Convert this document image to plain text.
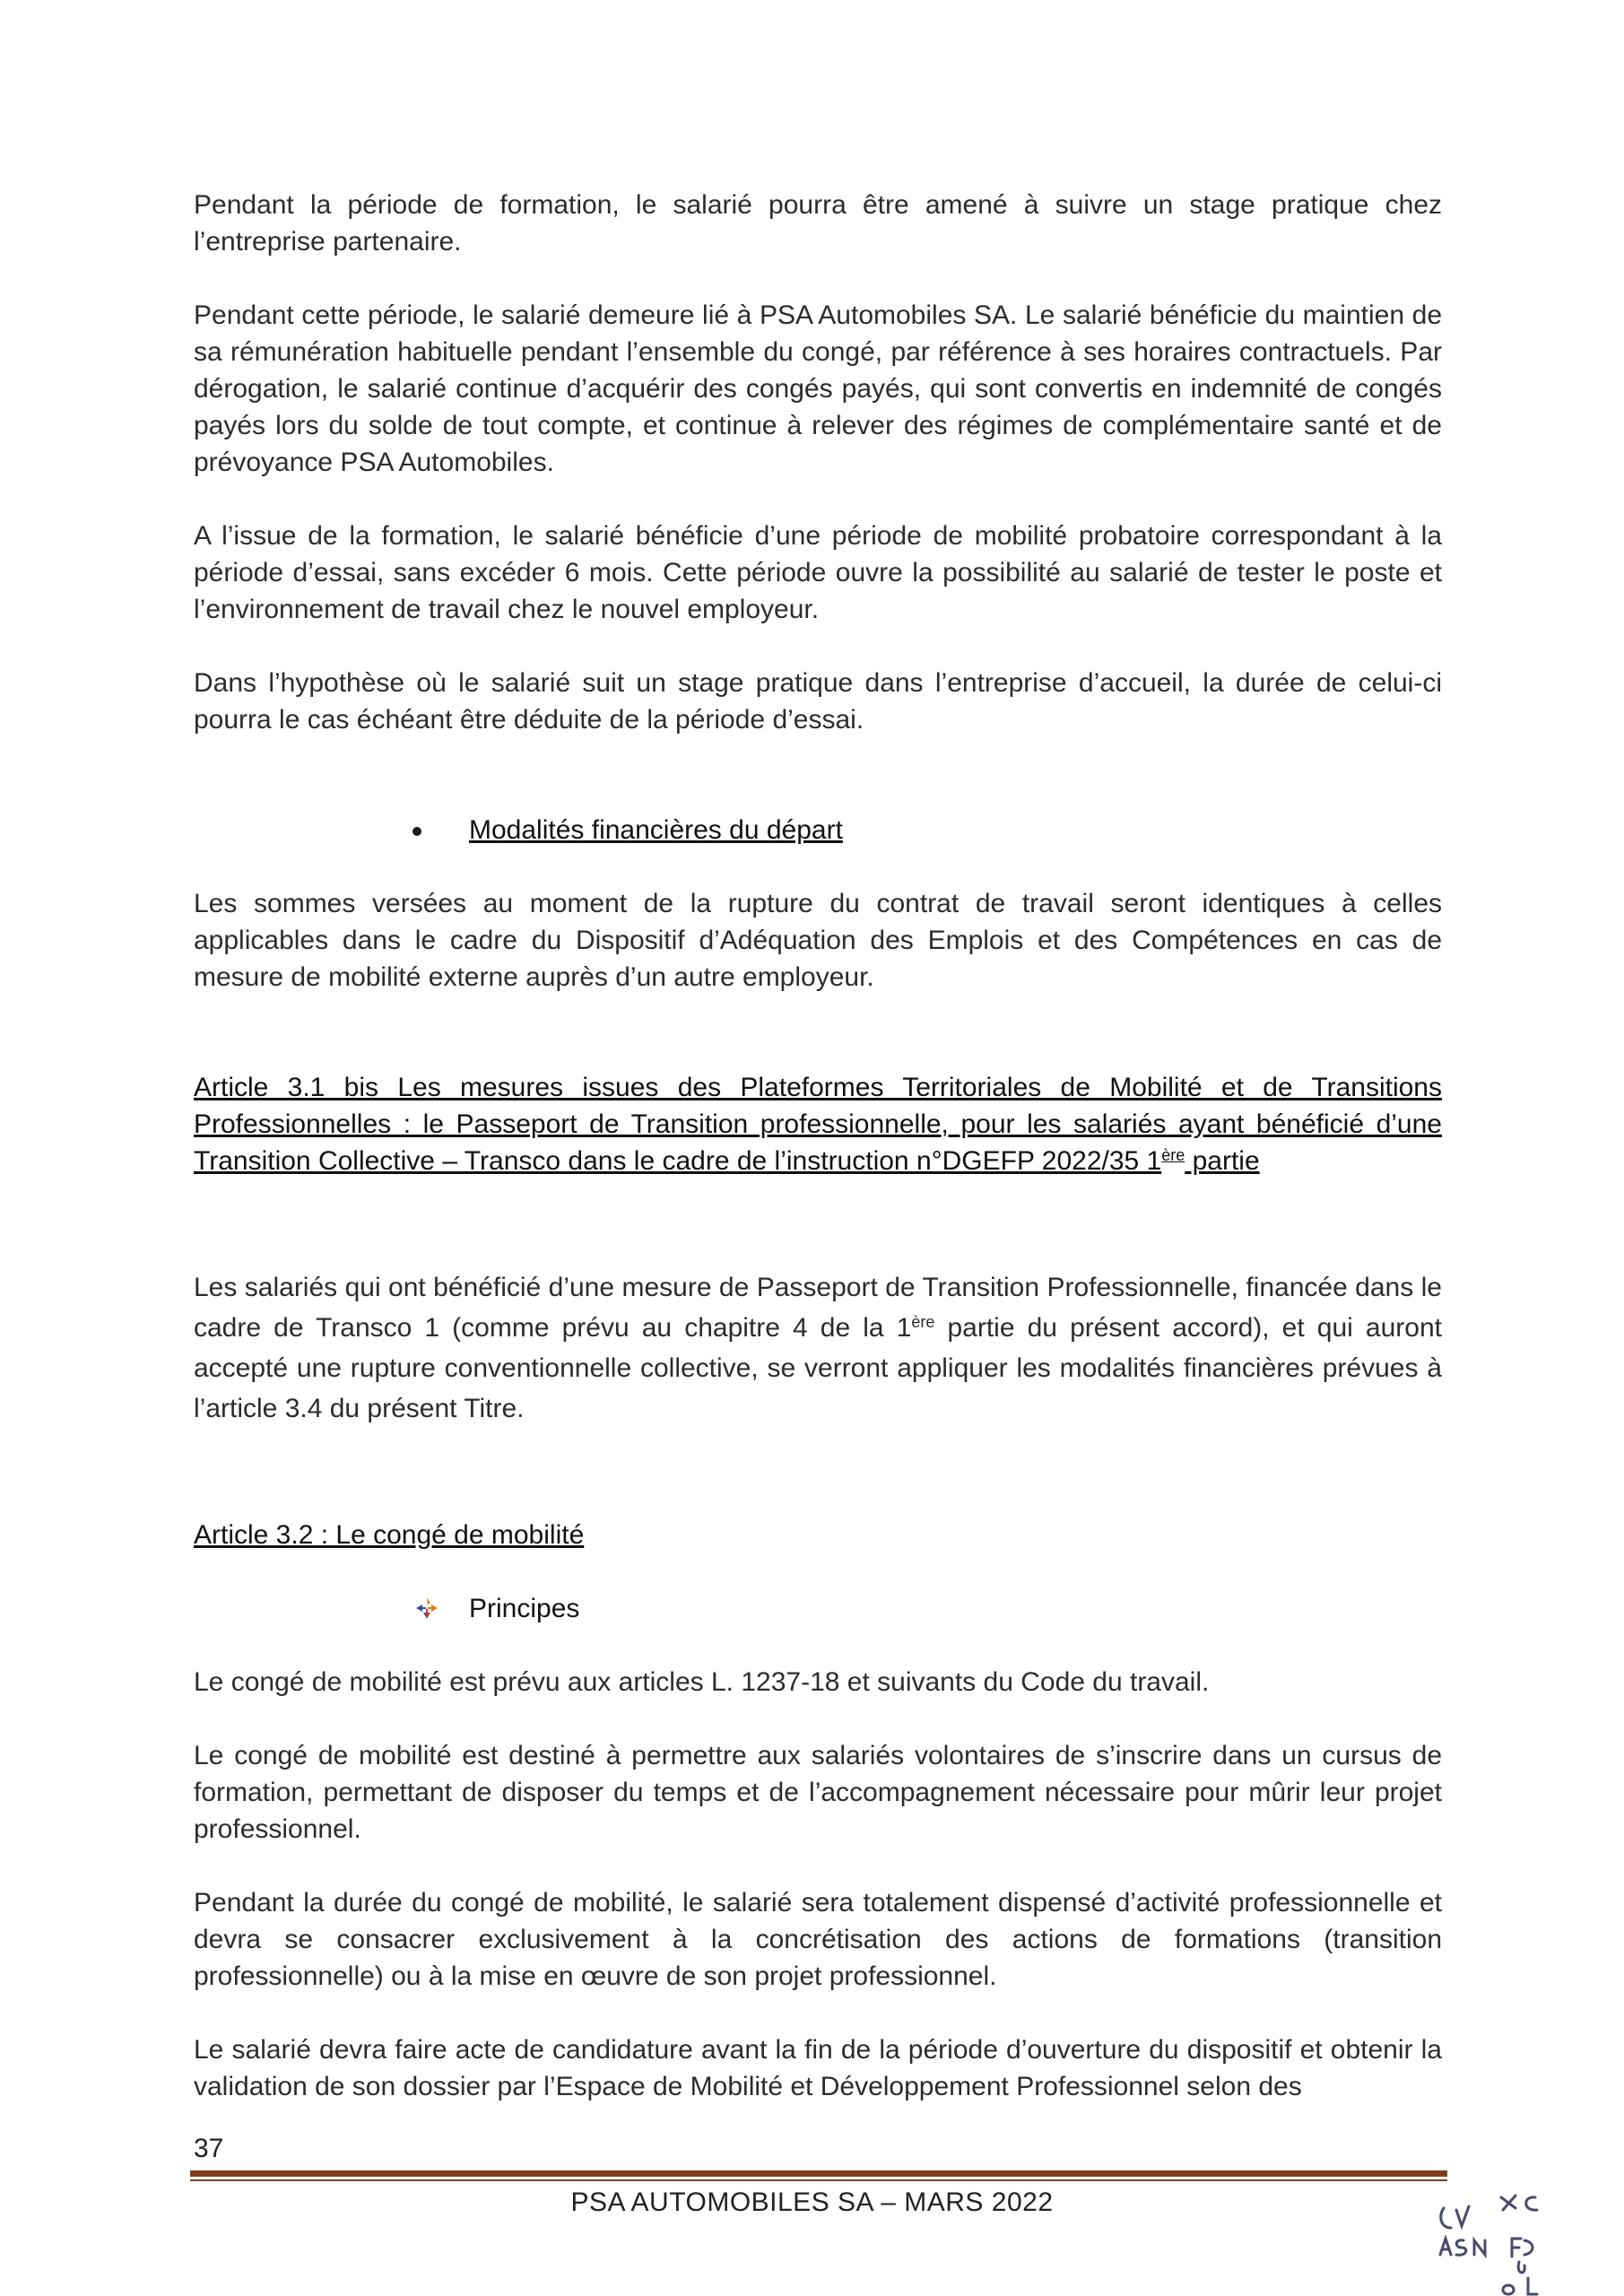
Pendant la période de formation, le salarié pourra être amené à suivre un stage pratique chez l’entreprise partenaire.

Pendant cette période, le salarié demeure lié à PSA Automobiles SA. Le salarié bénéficie du maintien de sa rémunération habituelle pendant l’ensemble du congé, par référence à ses horaires contractuels. Par dérogation, le salarié continue d’acquérir des congés payés, qui sont convertis en indemnité de congés payés lors du solde de tout compte, et continue à relever des régimes de complémentaire santé et de prévoyance PSA Automobiles.

A l’issue de la formation, le salarié bénéficie d’une période de mobilité probatoire correspondant à la période d’essai, sans excéder 6 mois. Cette période ouvre la possibilité au salarié de tester le poste et l’environnement de travail chez le nouvel employeur.

Dans l’hypothèse où le salarié suit un stage pratique dans l’entreprise d’accueil, la durée de celui-ci pourra le cas échéant être déduite de la période d’essai.

Modalités financières du départ

Les sommes versées au moment de la rupture du contrat de travail seront identiques à celles applicables dans le cadre du Dispositif d’Adéquation des Emplois et des Compétences en cas de mesure de mobilité externe auprès d’un autre employeur.

Article 3.1 bis Les mesures issues des Plateformes Territoriales de Mobilité et de Transitions Professionnelles : le Passeport de Transition professionnelle, pour les salariés ayant bénéficié d’une Transition Collective – Transco dans le cadre de l’instruction n°DGEFP 2022/35 1ère partie

Les salariés qui ont bénéficié d’une mesure de Passeport de Transition Professionnelle, financée dans le cadre de Transco 1 (comme prévu au chapitre 4 de la 1ère partie du présent accord), et qui auront accepté une rupture conventionnelle collective, se verront appliquer les modalités financières prévues à l’article 3.4 du présent Titre.

Article 3.2 : Le congé de mobilité

Principes

Le congé de mobilité est prévu aux articles L. 1237-18 et suivants du Code du travail.

Le congé de mobilité est destiné à permettre aux salariés volontaires de s’inscrire dans un cursus de formation, permettant de disposer du temps et de l’accompagnement nécessaire pour mûrir leur projet professionnel.

Pendant la durée du congé de mobilité, le salarié sera totalement dispensé d’activité professionnelle et devra se consacrer exclusivement à la concrétisation des actions de formations (transition professionnelle) ou à la mise en œuvre de son projet professionnel.

Le salarié devra faire acte de candidature avant la fin de la période d’ouverture du dispositif et obtenir la validation de son dossier par l’Espace de Mobilité et Développement Professionnel selon des

37
PSA AUTOMOBILES SA – MARS 2022
